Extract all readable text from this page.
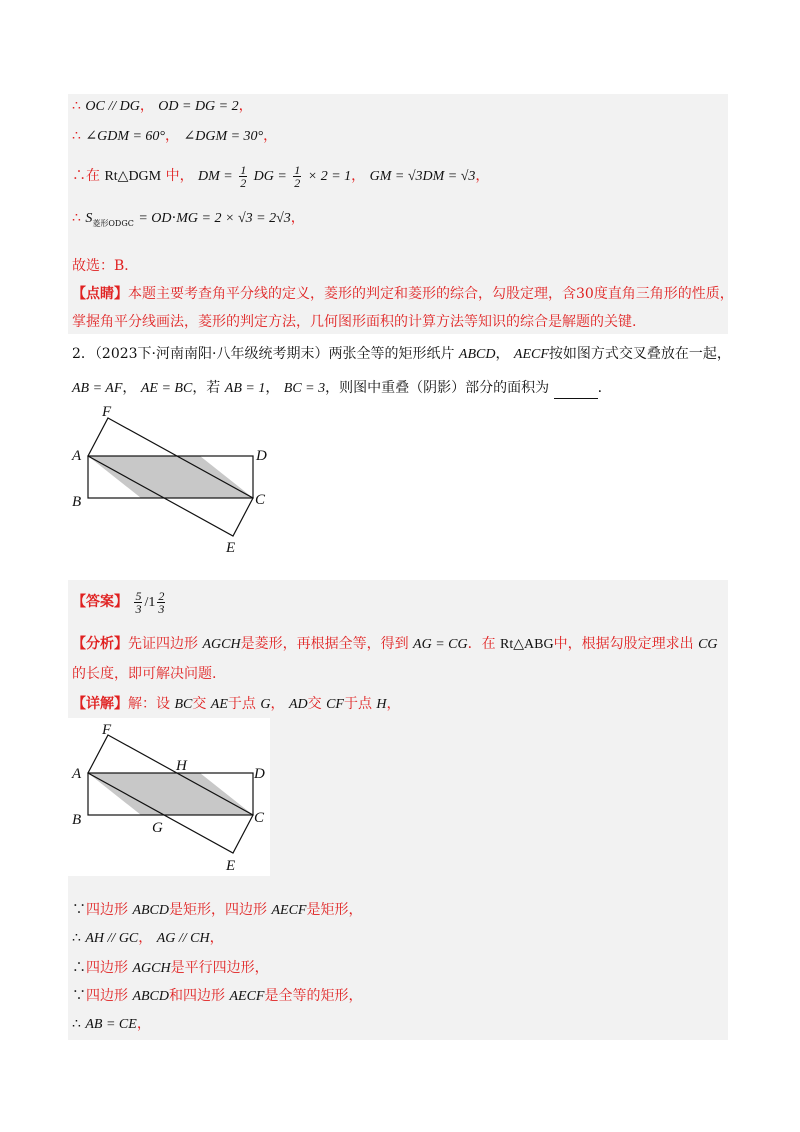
∴ OC // DG， OD = DG = 2，
∴ ∠GDM = 60°， ∠DGM = 30°，
∴在 Rt△DGM 中， DM = $\frac{1}{2}$ DG = $\frac{1}{2} \times 2 = 1$， GM = √3DM = √3，
∴ $S_{菱形ODGC} = OD\cdot MG = 2 \times √3 = 2√3$，
故选：B．
【点睛】本题主要考查角平分线的定义，菱形的判定和菱形的综合，勾股定理，含30度直角三角形的性质，
掌握角平分线画法，菱形的判定方法，几何图形面积的计算方法等知识的综合是解题的关键.
2．（2023下·河南南阳·八年级统考期末）两张全等的矩形纸片 ABCD， AECF按如图方式交叉叠放在一起，
AB = AF， AE = BC，若 AB = 1， BC = 3，则图中重叠（阴影）部分的面积为	.
F
A	D
B	C
E
【答案】 $\frac{5}{3} /1 \frac{2}{3}$
【分析】先证四边形 AGCH是菱形，再根据全等，得到 AG = CG．在 Rt△ABG中，根据勾股定理求出 CG
的长度，即可解决问题.
【详解】解：设 BC交 AE于点 G， AD交 CF于点 H，
F
A	H	D
B	G
C
E
∵四边形 ABCD是矩形，四边形 AECF是矩形，
∴ AH // GC， AG // CH，
∴四边形 AGCH是平行四边形，
∵四边形 ABCD和四边形 AECF是全等的矩形，
∴ AB = CE，
